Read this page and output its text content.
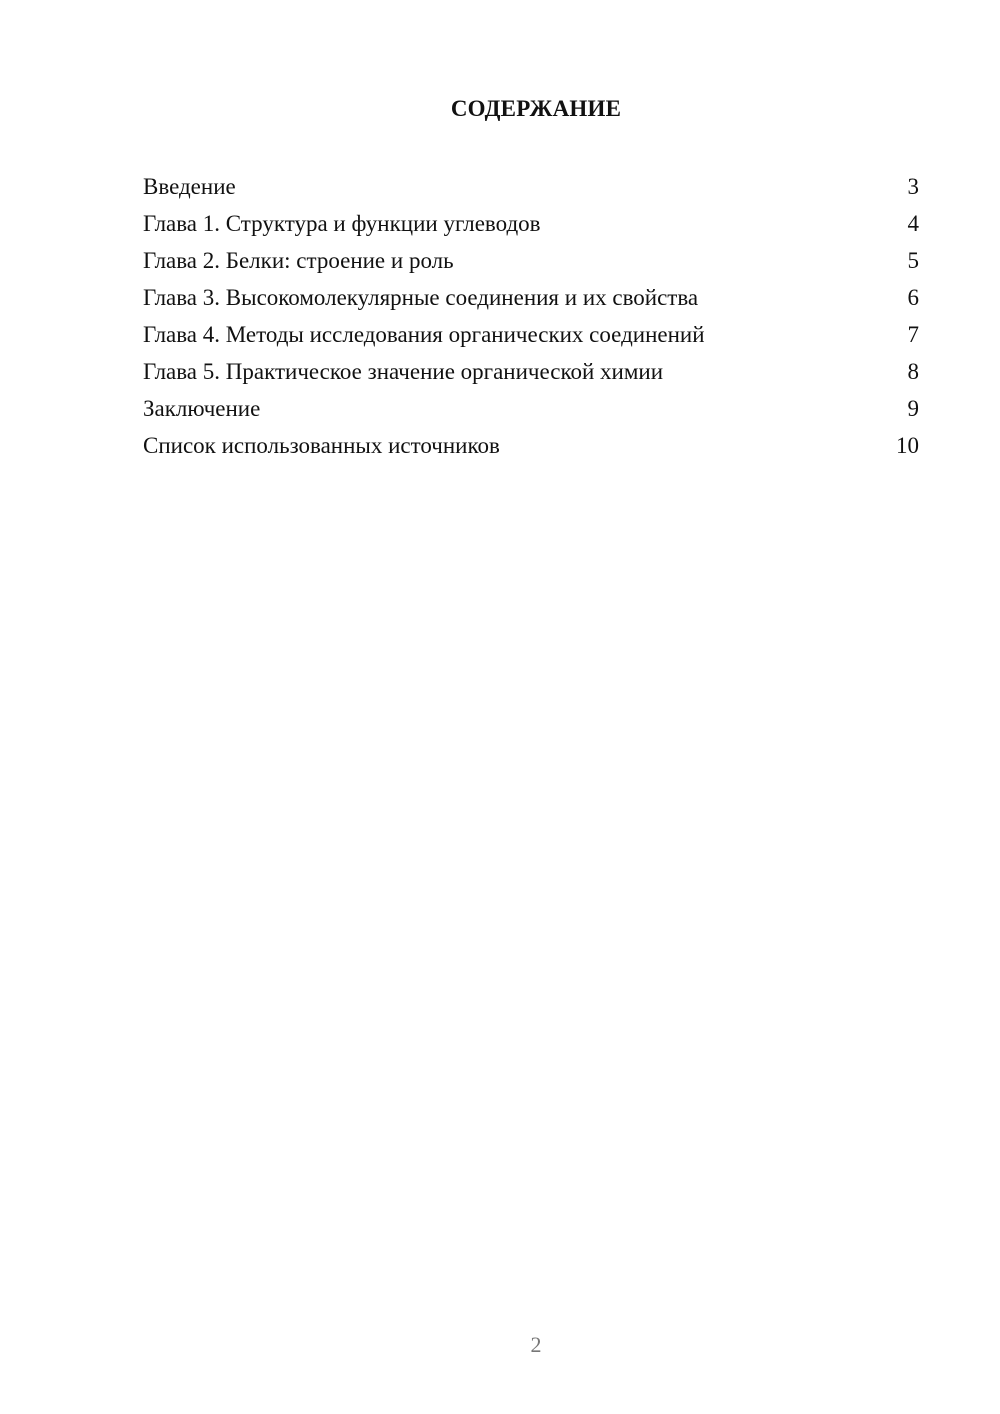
СОДЕРЖАНИЕ
Введение	3
Глава 1. Структура и функции углеводов	4
Глава 2. Белки: строение и роль	5
Глава 3. Высокомолекулярные соединения и их свойства	6
Глава 4. Методы исследования органических соединений	7
Глава 5. Практическое значение органической химии	8
Заключение	9
Список использованных источников	10
2
